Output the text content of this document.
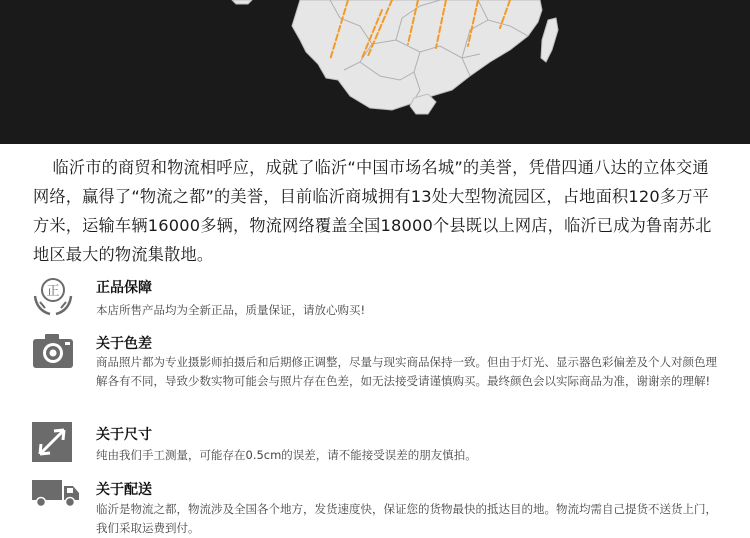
临沂市的商贸和物流相呼应，成就了临沂“中国市场名城”的美誉，凭借四通八达的立体交通网络，赢得了“物流之都”的美誉，目前临沂商城拥有13处大型物流园区，占地面积120多万平方米，运输车辆16000多辆，物流网络覆盖全国18000个县既以上网店，临沂已成为鲁南苏北地区最大的物流集散地。

正	正品保障
本店所售产品均为全新正品，质量保证，请放心购买!
关于色差
商品照片都为专业摄影师拍摄后和后期修正调整，尽量与现实商品保持一致。但由于灯光、显示器色彩偏差及个人对颜色理解各有不同，导致少数实物可能会与照片存在色差，如无法接受请谨慎购买。最终颜色会以实际商品为准，谢谢亲的理解!
关于尺寸
纯由我们手工测量，可能存在0.5cm的误差，请不能接受误差的朋友慎拍。
关于配送
临沂是物流之都，物流涉及全国各个地方，发货速度快，保证您的货物最快的抵达目的地。物流均需自己提货不送货上门，我们采取运费到付。
